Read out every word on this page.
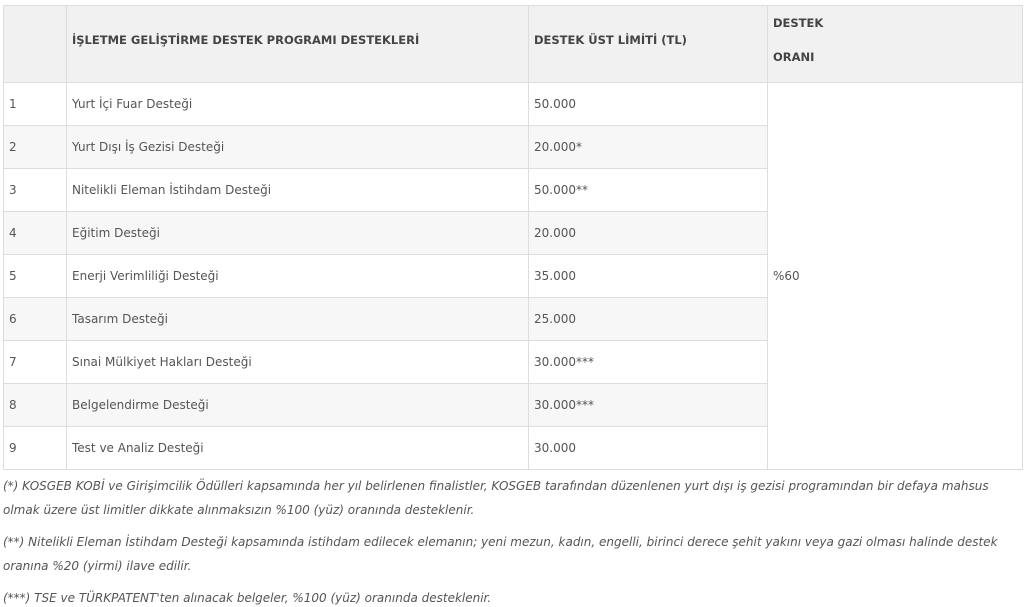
	İŞLETME GELİŞTİRME DESTEK PROGRAMI DESTEKLERİ	DESTEK ÜST LİMİTİ (TL)	DESTEK
ORANI

1	Yurt İçi Fuar Desteği	50.000	%60
2	Yurt Dışı İş Gezisi Desteği	20.000*	
3	Nitelikli Eleman İstihdam Desteği	50.000**	
4	Eğitim Desteği	20.000	
5	Enerji Verimliliği Desteği	35.000	
6	Tasarım Desteği	25.000	
7	Sınai Mülkiyet Hakları Desteği	30.000***	
8	Belgelendirme Desteği	30.000***	
9	Test ve Analiz Desteği	30.000	

(*) KOSGEB KOBİ ve Girişimcilik Ödülleri kapsamında her yıl belirlenen finalistler, KOSGEB tarafından düzenlenen yurt dışı iş gezisi programından bir defaya mahsus olmak üzere üst limitler dikkate alınmaksızın %100 (yüz) oranında desteklenir.

(**) Nitelikli Eleman İstihdam Desteği kapsamında istihdam edilecek elemanın; yeni mezun, kadın, engelli, birinci derece şehit yakını veya gazi olması halinde destek oranına %20 (yirmi) ilave edilir.

(***) TSE ve TÜRKPATENT'ten alınacak belgeler, %100 (yüz) oranında desteklenir.
